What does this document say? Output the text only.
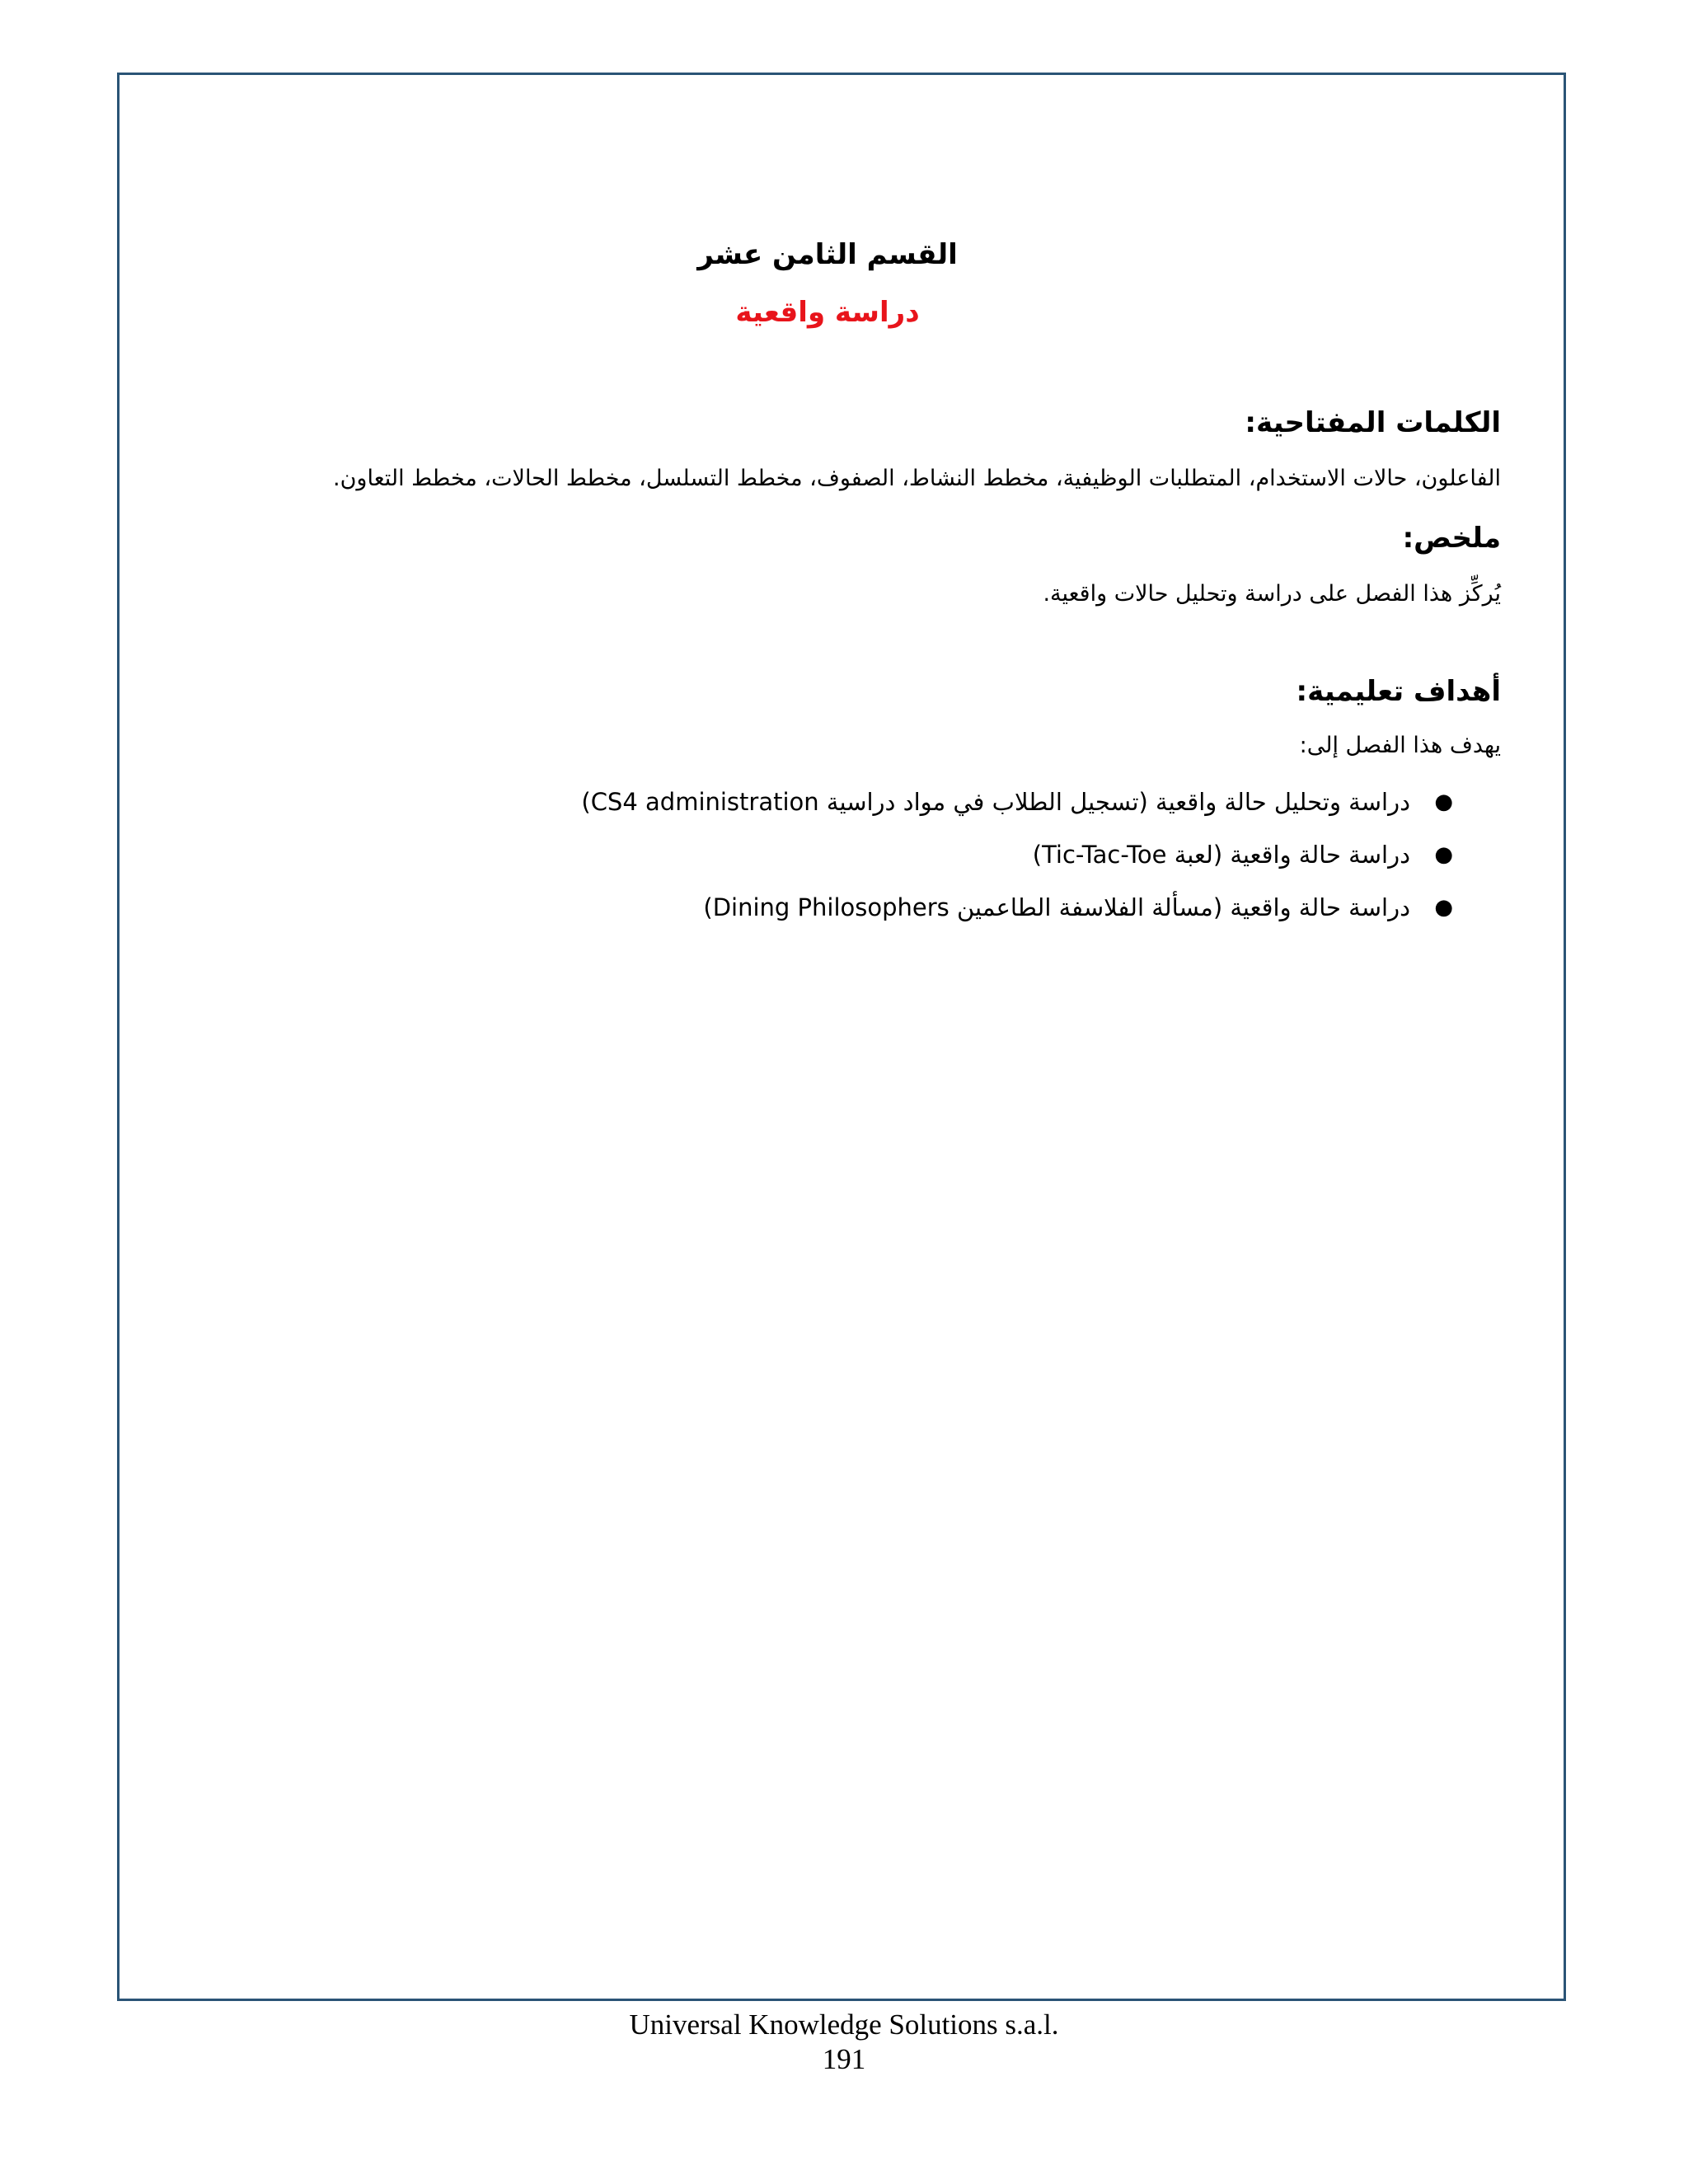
القسم الثامن عشر
دراسة واقعية
الكلمات المفتاحية:
الفاعلون، حالات الاستخدام، المتطلبات الوظيفية، مخطط النشاط، الصفوف، مخطط التسلسل، مخطط الحالات، مخطط التعاون.
ملخص:
يُركِّز هذا الفصل على دراسة وتحليل حالات واقعية.
أهداف تعليمية:
يهدف هذا الفصل إلى:
●
دراسة وتحليل حالة واقعية (تسجيل الطلاب في مواد دراسية CS4 administration)
●
دراسة حالة واقعية (لعبة Tic-Tac-Toe)
●
دراسة حالة واقعية (مسألة الفلاسفة الطاعمين Dining Philosophers)
Universal Knowledge Solutions s.a.l.
191
